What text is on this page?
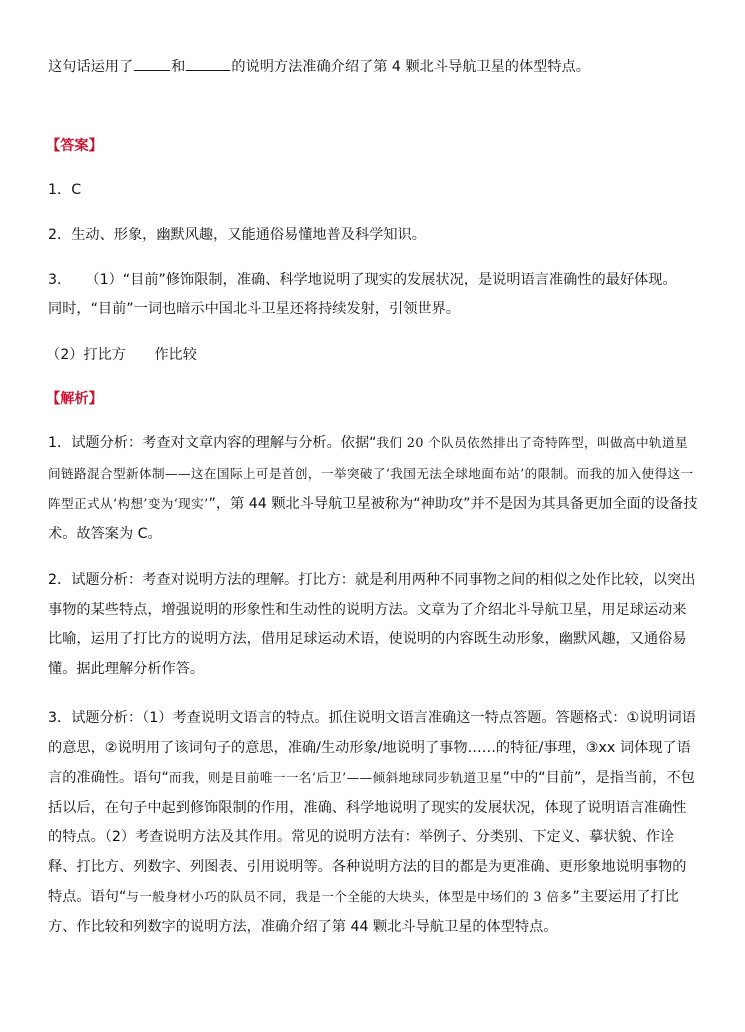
这句话运用了	和	的说明方法准确介绍了第 4 颗北斗导航卫星的体型特点。
【答案】
1．C
2．生动、形象，幽默风趣，又能通俗易懂地普及科学知识。
3．　　（1）“目前”修饰限制，准确、科学地说明了现实的发展状况，是说明语言准确性的最好体现。
同时，“目前”一词也暗示中国北斗卫星还将持续发射，引领世界。
（2）打比方　　作比较
【解析】
1．试题分析：考查对文章内容的理解与分析。依据“我们 20 个队员依然排出了奇特阵型，叫做高中轨道星间链路混合型新体制——这在国际上可是首创，一举突破了‘我国无法全球地面布站’的限制。而我的加入使得这一阵型正式从‘构想’变为‘现实’”，第 44 颗北斗导航卫星被称为“神助攻”并不是因为其具备更加全面的设备技术。故答案为 C。
2．试题分析：考查对说明方法的理解。打比方：就是利用两种不同事物之间的相似之处作比较，以突出事物的某些特点，增强说明的形象性和生动性的说明方法。文章为了介绍北斗导航卫星，用足球运动来比喻，运用了打比方的说明方法，借用足球运动术语，使说明的内容既生动形象，幽默风趣，又通俗易懂。据此理解分析作答。
3．试题分析：（1）考查说明文语言的特点。抓住说明文语言准确这一特点答题。答题格式：①说明词语的意思，②说明用了该词句子的意思，准确/生动形象/地说明了事物……的特征/事理，③xx 词体现了语言的准确性。语句“而我，则是目前唯一一名‘后卫’——倾斜地球同步轨道卫星”中的“目前”，是指当前，不包括以后，在句子中起到修饰限制的作用，准确、科学地说明了现实的发展状况，体现了说明语言准确性的特点。（2）考查说明方法及其作用。常见的说明方法有：举例子、分类别、下定义、摹状貌、作诠释、打比方、列数字、列图表、引用说明等。各种说明方法的目的都是为更准确、更形象地说明事物的特点。语句“与一般身材小巧的队员不同，我是一个全能的大块头，体型是中场们的 3 倍多”主要运用了打比方、作比较和列数字的说明方法，准确介绍了第 44 颗北斗导航卫星的体型特点。
